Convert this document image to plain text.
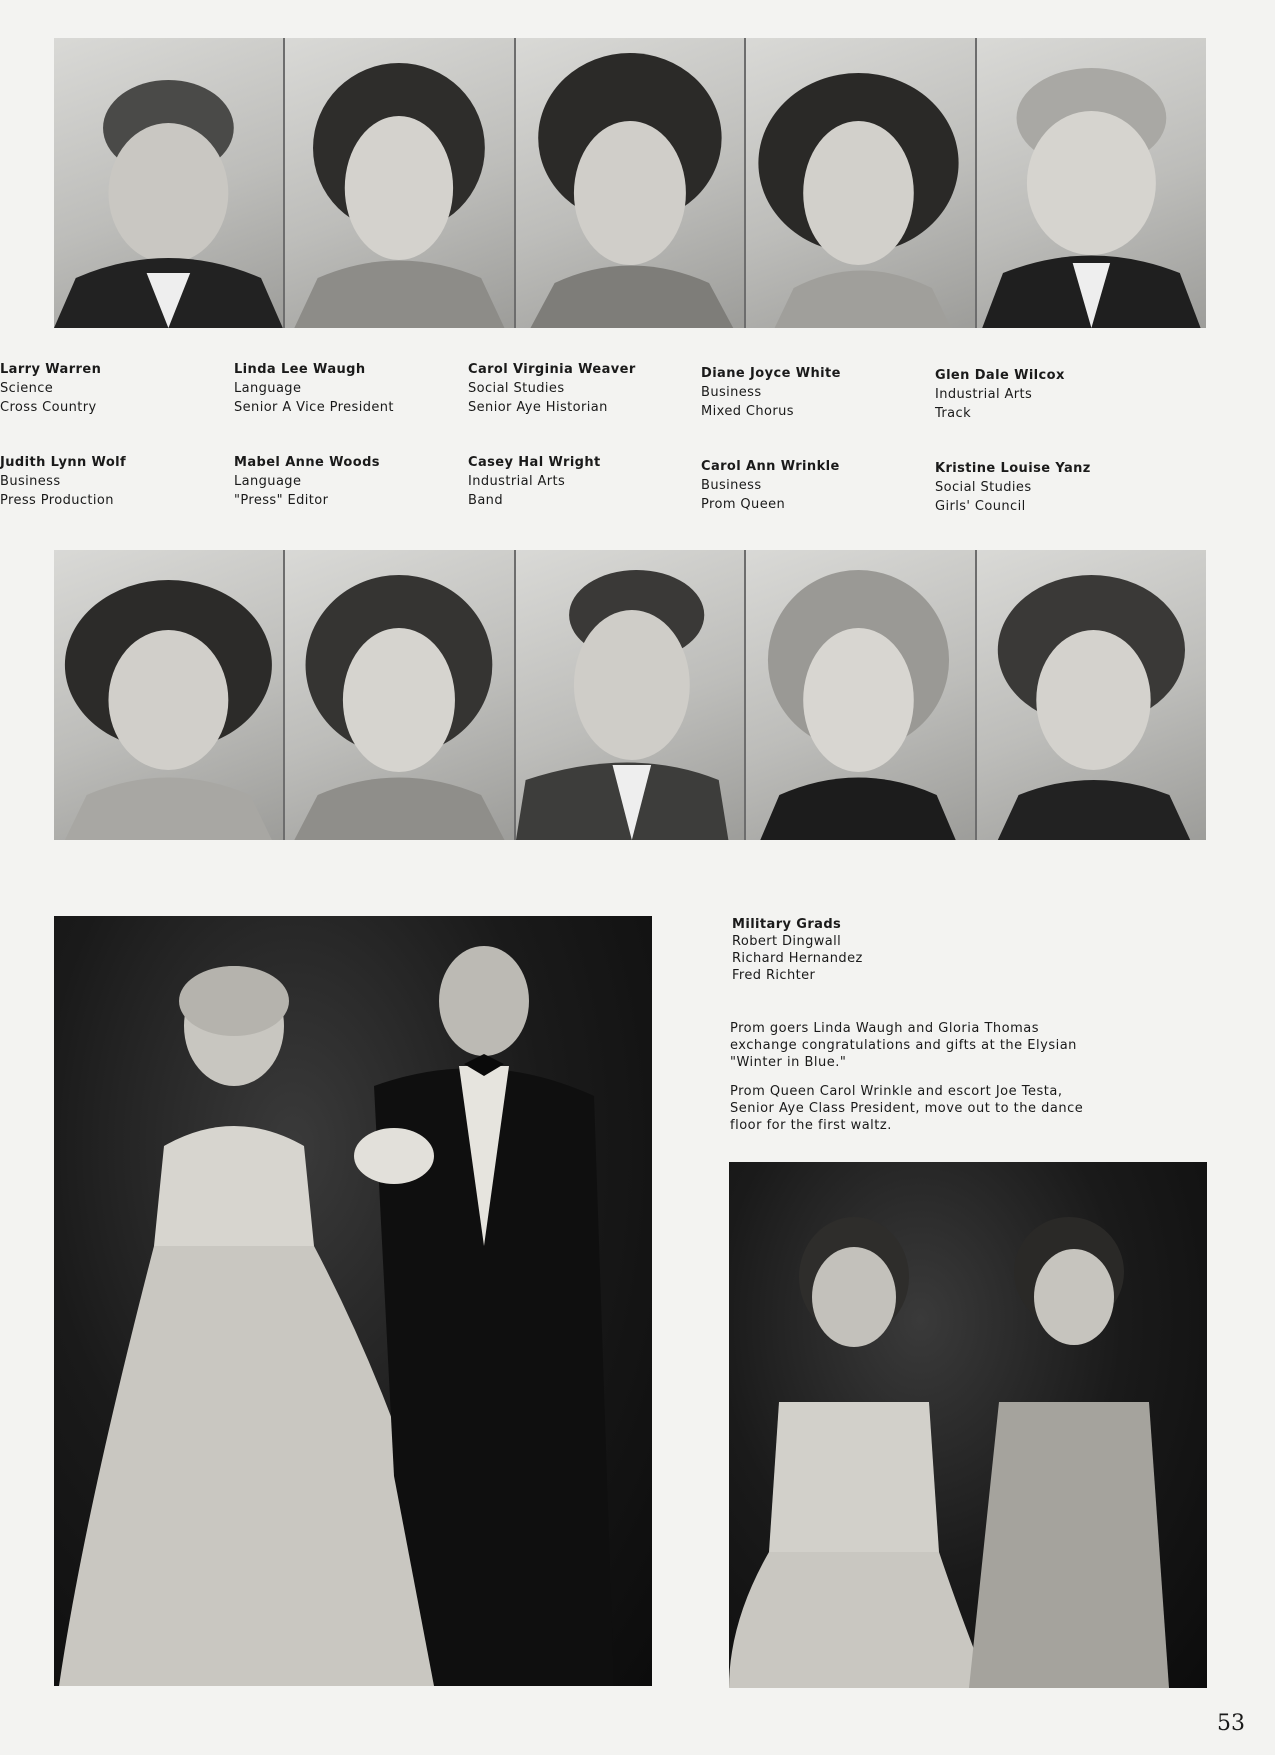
Larry Warren
Science
Cross Country
Linda Lee Waugh
Language
Senior A Vice President
Carol Virginia Weaver
Social Studies
Senior Aye Historian
Diane Joyce White
Business
Mixed Chorus
Glen Dale Wilcox
Industrial Arts
Track
Judith Lynn Wolf
Business
Press Production
Mabel Anne Woods
Language
"Press" Editor
Casey Hal Wright
Industrial Arts
Band
Carol Ann Wrinkle
Business
Prom Queen
Kristine Louise Yanz
Social Studies
Girls' Council
Military Grads
Robert Dingwall
Richard Hernandez
Fred Richter
Prom goers Linda Waugh and Gloria Thomas exchange congratulations and gifts at the Elysian "Winter in Blue."
Prom Queen Carol Wrinkle and escort Joe Testa, Senior Aye Class President, move out to the dance floor for the first waltz.
53
